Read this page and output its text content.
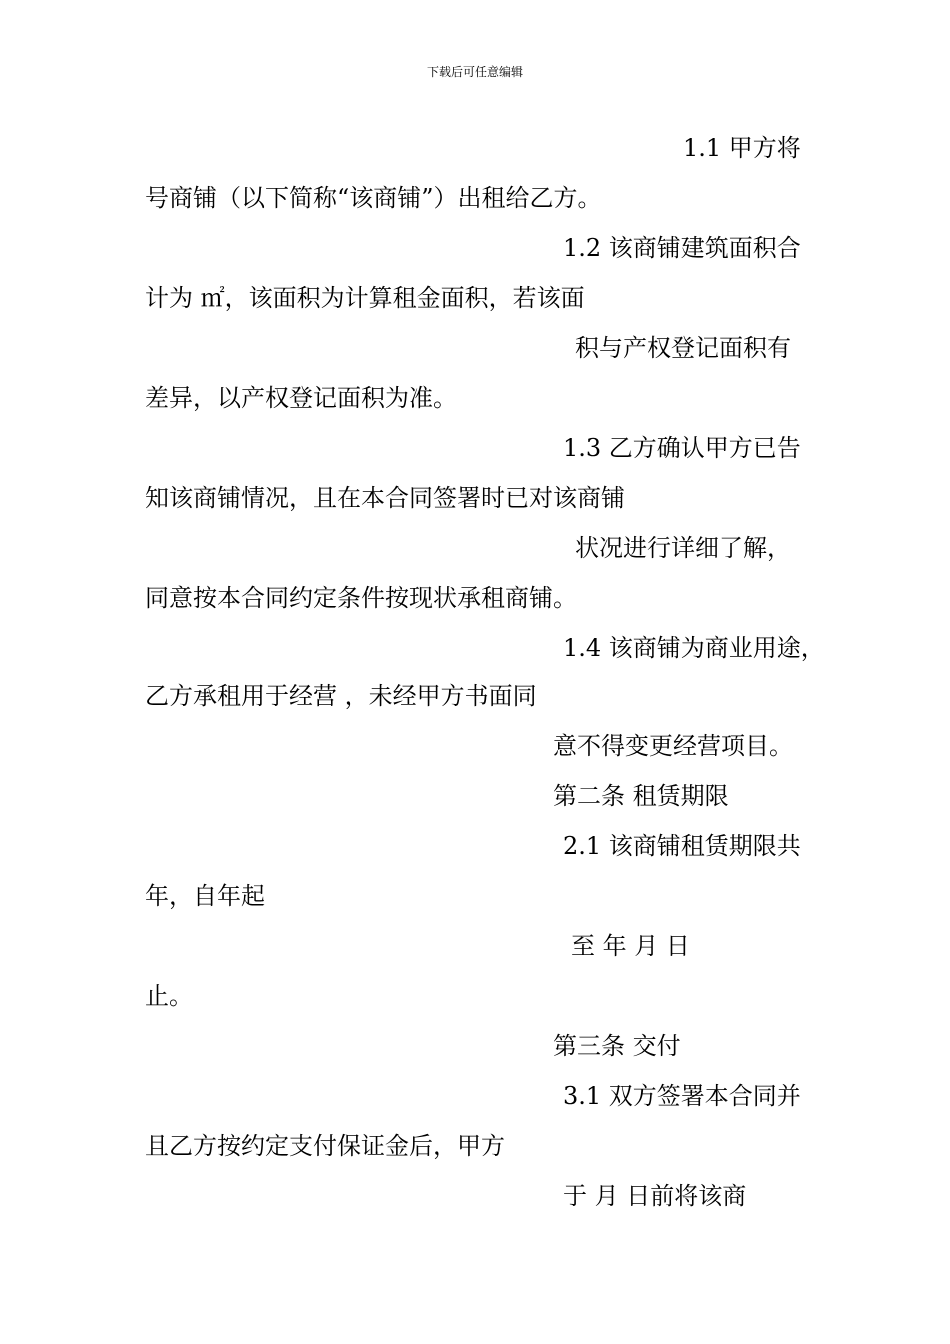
下载后可任意编辑
1.1 甲方将
号商铺（以下简称“该商铺”）出租给乙方。
1.2 该商铺建筑面积合
计为 ㎡，该面积为计算租金面积，若该面
积与产权登记面积有
差异，以产权登记面积为准。
1.3 乙方确认甲方已告
知该商铺情况，且在本合同签署时已对该商铺
状况进行详细了解，
同意按本合同约定条件按现状承租商铺。
1.4 该商铺为商业用途，
乙方承租用于经营 ，未经甲方书面同
意不得变更经营项目。
第二条 租赁期限
2.1 该商铺租赁期限共
年，自年起
至 年 月 日
止。
第三条 交付
3.1 双方签署本合同并
且乙方按约定支付保证金后，甲方
于 月 日前将该商
